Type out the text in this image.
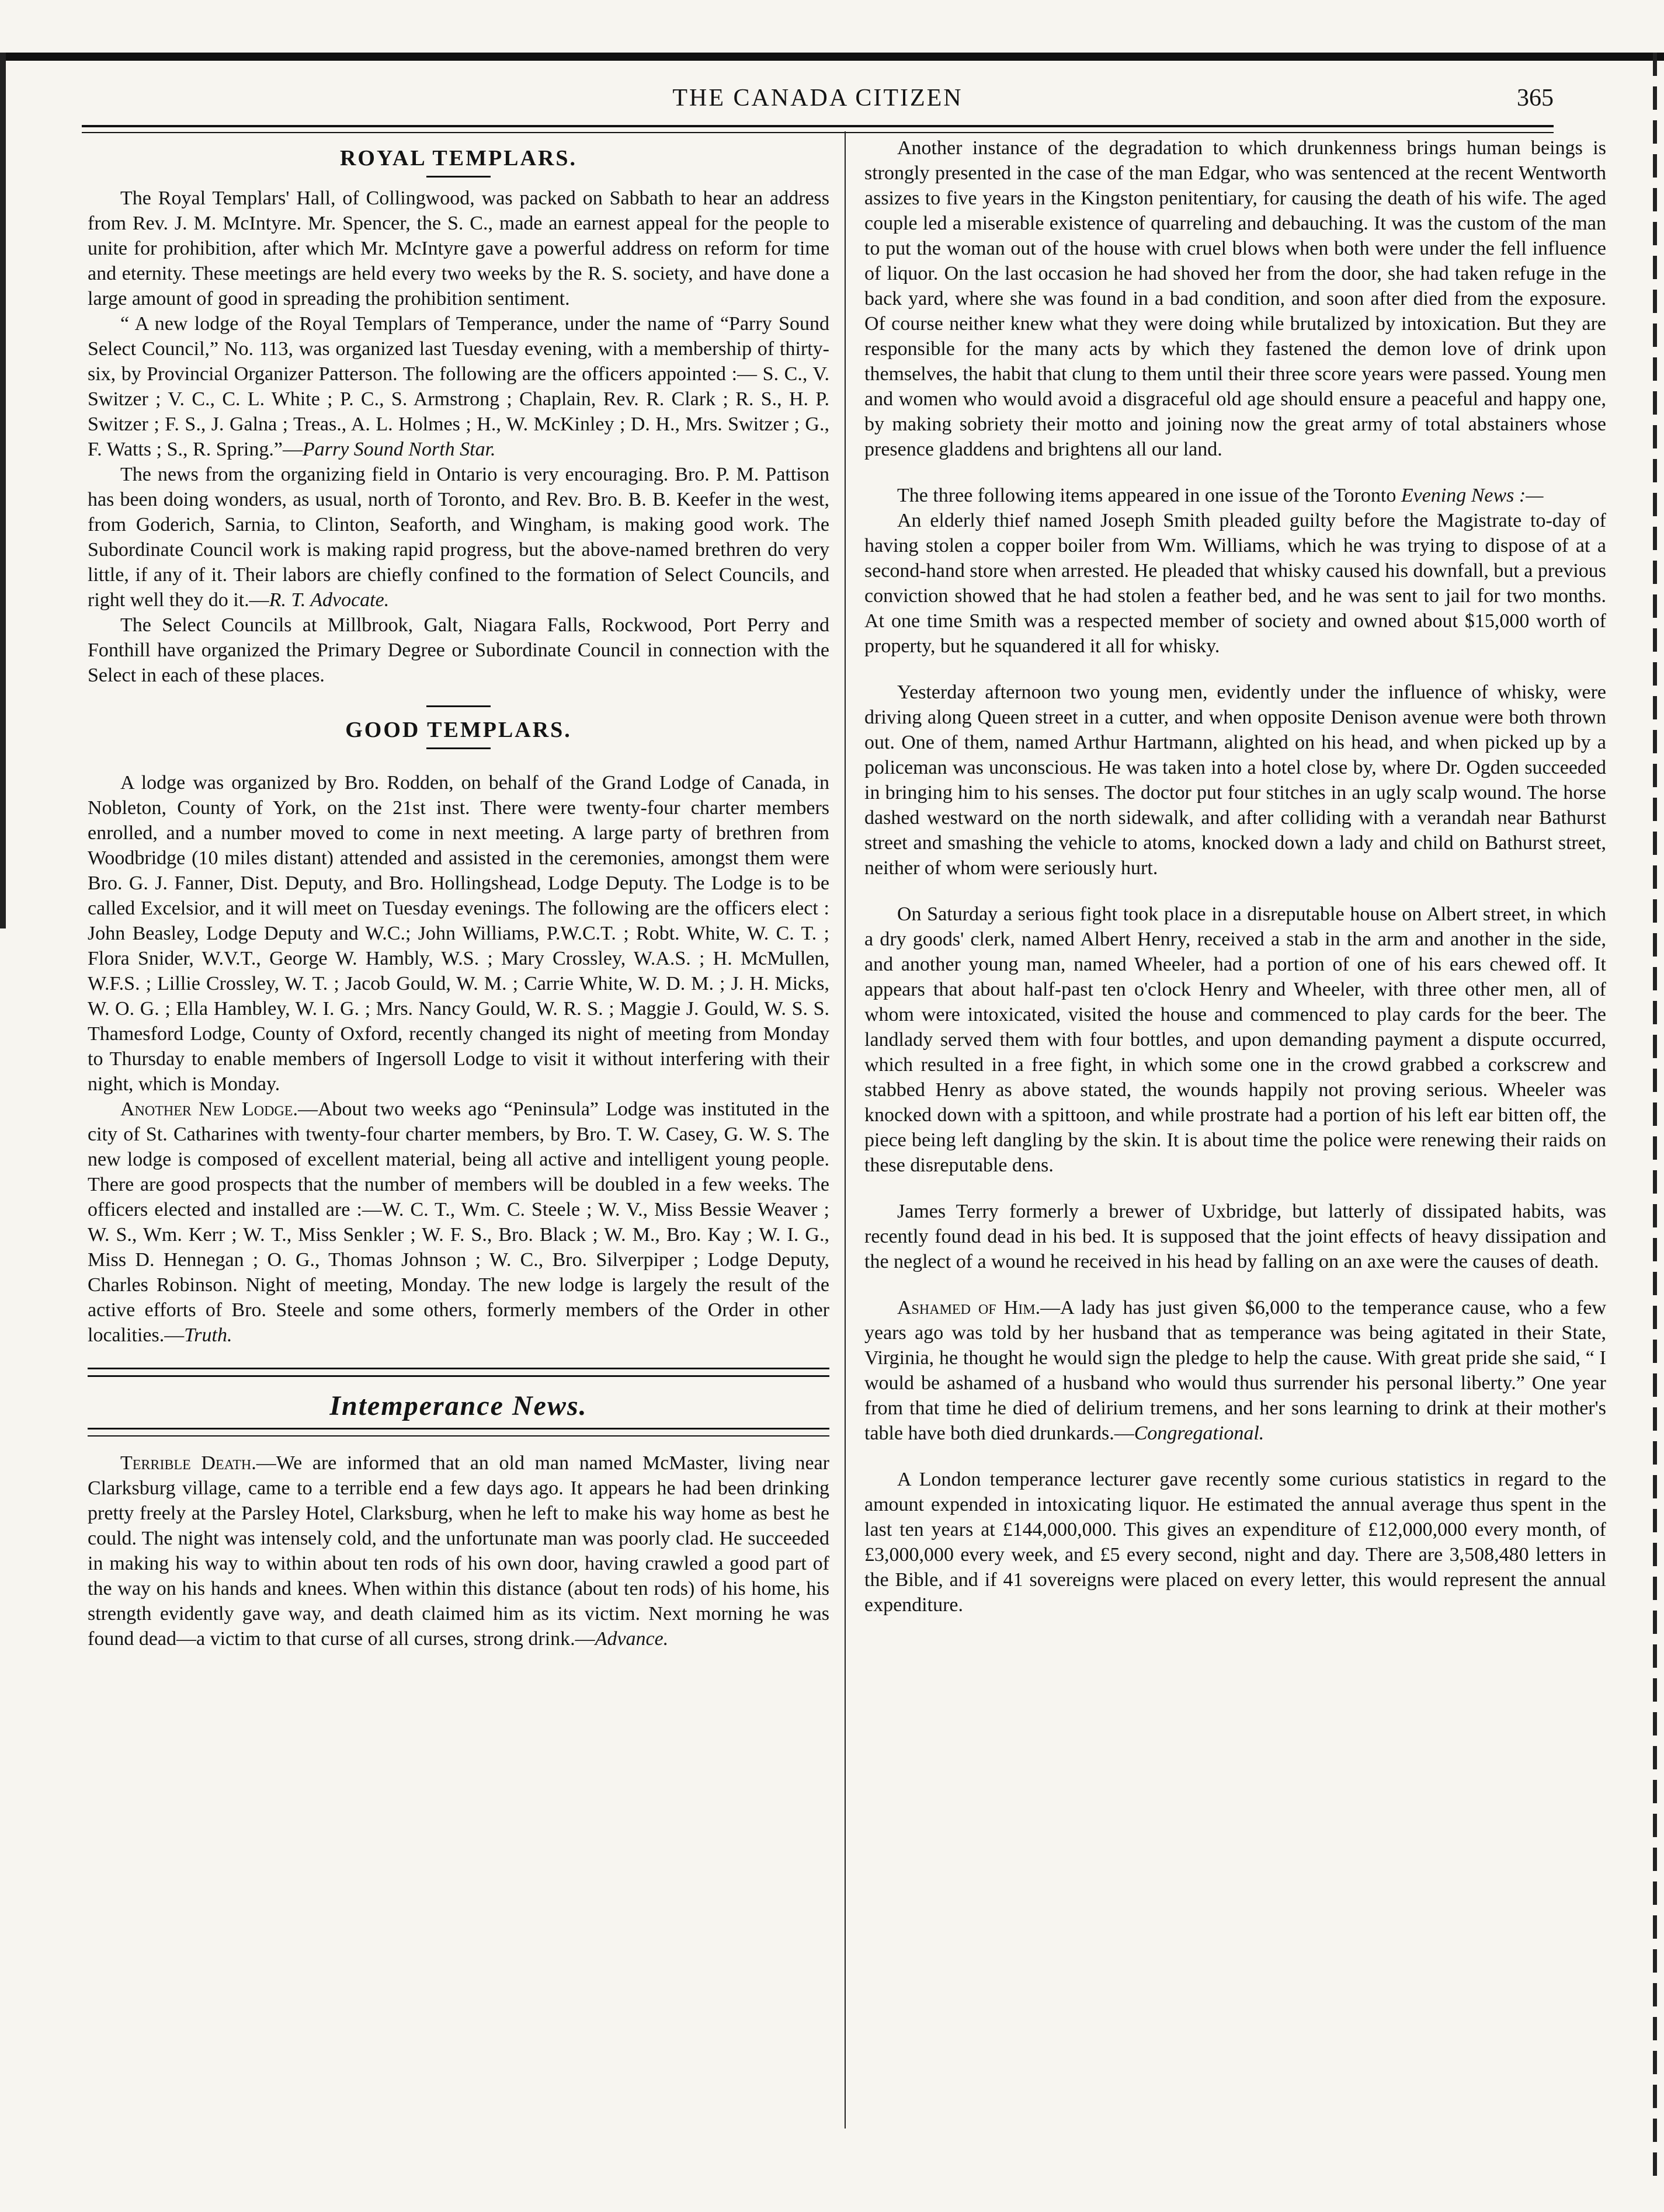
THE CANADA CITIZEN	365
ROYAL TEMPLARS.

The Royal Templars' Hall, of Collingwood, was packed on Sabbath to hear an address from Rev. J. M. McIntyre. Mr. Spencer, the S. C., made an earnest appeal for the people to unite for prohibition, after which Mr. McIntyre gave a powerful address on reform for time and eternity. These meetings are held every two weeks by the R. S. society, and have done a large amount of good in spreading the prohibition sentiment.

“ A new lodge of the Royal Templars of Temperance, under the name of “Parry Sound Select Council,” No. 113, was organized last Tuesday evening, with a membership of thirty-six, by Provincial Organizer Patterson. The following are the officers appointed :— S. C., V. Switzer ; V. C., C. L. White ; P. C., S. Armstrong ; Chaplain, Rev. R. Clark ; R. S., H. P. Switzer ; F. S., J. Galna ; Treas., A. L. Holmes ; H., W. McKinley ; D. H., Mrs. Switzer ; G., F. Watts ; S., R. Spring.”—Parry Sound North Star.

The news from the organizing field in Ontario is very encouraging. Bro. P. M. Pattison has been doing wonders, as usual, north of Toronto, and Rev. Bro. B. B. Keefer in the west, from Goderich, Sarnia, to Clinton, Seaforth, and Wingham, is making good work. The Subordinate Council work is making rapid progress, but the above-named brethren do very little, if any of it. Their labors are chiefly confined to the formation of Select Councils, and right well they do it.—R. T. Advocate.

The Select Councils at Millbrook, Galt, Niagara Falls, Rockwood, Port Perry and Fonthill have organized the Primary Degree or Subordinate Council in connection with the Select in each of these places.

GOOD TEMPLARS.

A lodge was organized by Bro. Rodden, on behalf of the Grand Lodge of Canada, in Nobleton, County of York, on the 21st inst. There were twenty-four charter members enrolled, and a number moved to come in next meeting. A large party of brethren from Woodbridge (10 miles distant) attended and assisted in the ceremonies, amongst them were Bro. G. J. Fanner, Dist. Deputy, and Bro. Hollingshead, Lodge Deputy. The Lodge is to be called Excelsior, and it will meet on Tuesday evenings. The following are the officers elect : John Beasley, Lodge Deputy and W.C.; John Williams, P.W.C.T. ; Robt. White, W. C. T. ; Flora Snider, W.V.T., George W. Hambly, W.S. ; Mary Crossley, W.A.S. ; H. McMullen, W.F.S. ; Lillie Crossley, W. T. ; Jacob Gould, W. M. ; Carrie White, W. D. M. ; J. H. Micks, W. O. G. ; Ella Hambley, W. I. G. ; Mrs. Nancy Gould, W. R. S. ; Maggie J. Gould, W. S. S. Thamesford Lodge, County of Oxford, recently changed its night of meeting from Monday to Thursday to enable members of Ingersoll Lodge to visit it without interfering with their night, which is Monday.

Another New Lodge.—About two weeks ago “Peninsula” Lodge was instituted in the city of St. Catharines with twenty-four charter members, by Bro. T. W. Casey, G. W. S. The new lodge is composed of excellent material, being all active and intelligent young people. There are good prospects that the number of members will be doubled in a few weeks. The officers elected and installed are :—W. C. T., Wm. C. Steele ; W. V., Miss Bessie Weaver ; W. S., Wm. Kerr ; W. T., Miss Senkler ; W. F. S., Bro. Black ; W. M., Bro. Kay ; W. I. G., Miss D. Hennegan ; O. G., Thomas Johnson ; W. C., Bro. Silverpiper ; Lodge Deputy, Charles Robinson. Night of meeting, Monday. The new lodge is largely the result of the active efforts of Bro. Steele and some others, formerly members of the Order in other localities.—Truth.

Intemperance News.

Terrible Death.—We are informed that an old man named McMaster, living near Clarksburg village, came to a terrible end a few days ago. It appears he had been drinking pretty freely at the Parsley Hotel, Clarksburg, when he left to make his way home as best he could. The night was intensely cold, and the unfortunate man was poorly clad. He succeeded in making his way to within about ten rods of his own door, having crawled a good part of the way on his hands and knees. When within this distance (about ten rods) of his home, his strength evidently gave way, and death claimed him as its victim. Next morning he was found dead—a victim to that curse of all curses, strong drink.—Advance.

Another instance of the degradation to which drunkenness brings human beings is strongly presented in the case of the man Edgar, who was sentenced at the recent Wentworth assizes to five years in the Kingston penitentiary, for causing the death of his wife. The aged couple led a miserable existence of quarreling and debauching. It was the custom of the man to put the woman out of the house with cruel blows when both were under the fell influence of liquor. On the last occasion he had shoved her from the door, she had taken refuge in the back yard, where she was found in a bad condition, and soon after died from the exposure. Of course neither knew what they were doing while brutalized by intoxication. But they are responsible for the many acts by which they fastened the demon love of drink upon themselves, the habit that clung to them until their three score years were passed. Young men and women who would avoid a disgraceful old age should ensure a peaceful and happy one, by making sobriety their motto and joining now the great army of total abstainers whose presence gladdens and brightens all our land.

The three following items appeared in one issue of the Toronto Evening News :—

An elderly thief named Joseph Smith pleaded guilty before the Magistrate to-day of having stolen a copper boiler from Wm. Williams, which he was trying to dispose of at a second-hand store when arrested. He pleaded that whisky caused his downfall, but a previous conviction showed that he had stolen a feather bed, and he was sent to jail for two months. At one time Smith was a respected member of society and owned about $15,000 worth of property, but he squandered it all for whisky.

Yesterday afternoon two young men, evidently under the influence of whisky, were driving along Queen street in a cutter, and when opposite Denison avenue were both thrown out. One of them, named Arthur Hartmann, alighted on his head, and when picked up by a policeman was unconscious. He was taken into a hotel close by, where Dr. Ogden succeeded in bringing him to his senses. The doctor put four stitches in an ugly scalp wound. The horse dashed westward on the north sidewalk, and after colliding with a verandah near Bathurst street and smashing the vehicle to atoms, knocked down a lady and child on Bathurst street, neither of whom were seriously hurt.

On Saturday a serious fight took place in a disreputable house on Albert street, in which a dry goods' clerk, named Albert Henry, received a stab in the arm and another in the side, and another young man, named Wheeler, had a portion of one of his ears chewed off. It appears that about half-past ten o'clock Henry and Wheeler, with three other men, all of whom were intoxicated, visited the house and commenced to play cards for the beer. The landlady served them with four bottles, and upon demanding payment a dispute occurred, which resulted in a free fight, in which some one in the crowd grabbed a corkscrew and stabbed Henry as above stated, the wounds happily not proving serious. Wheeler was knocked down with a spittoon, and while prostrate had a portion of his left ear bitten off, the piece being left dangling by the skin. It is about time the police were renewing their raids on these disreputable dens.

James Terry formerly a brewer of Uxbridge, but latterly of dissipated habits, was recently found dead in his bed. It is supposed that the joint effects of heavy dissipation and the neglect of a wound he received in his head by falling on an axe were the causes of death.

Ashamed of Him.—A lady has just given $6,000 to the temperance cause, who a few years ago was told by her husband that as temperance was being agitated in their State, Virginia, he thought he would sign the pledge to help the cause. With great pride she said, “ I would be ashamed of a husband who would thus surrender his personal liberty.” One year from that time he died of delirium tremens, and her sons learning to drink at their mother's table have both died drunkards.—Congregational.

A London temperance lecturer gave recently some curious statistics in regard to the amount expended in intoxicating liquor. He estimated the annual average thus spent in the last ten years at £144,000,000. This gives an expenditure of £12,000,000 every month, of £3,000,000 every week, and £5 every second, night and day. There are 3,508,480 letters in the Bible, and if 41 sovereigns were placed on every letter, this would represent the annual expenditure.
